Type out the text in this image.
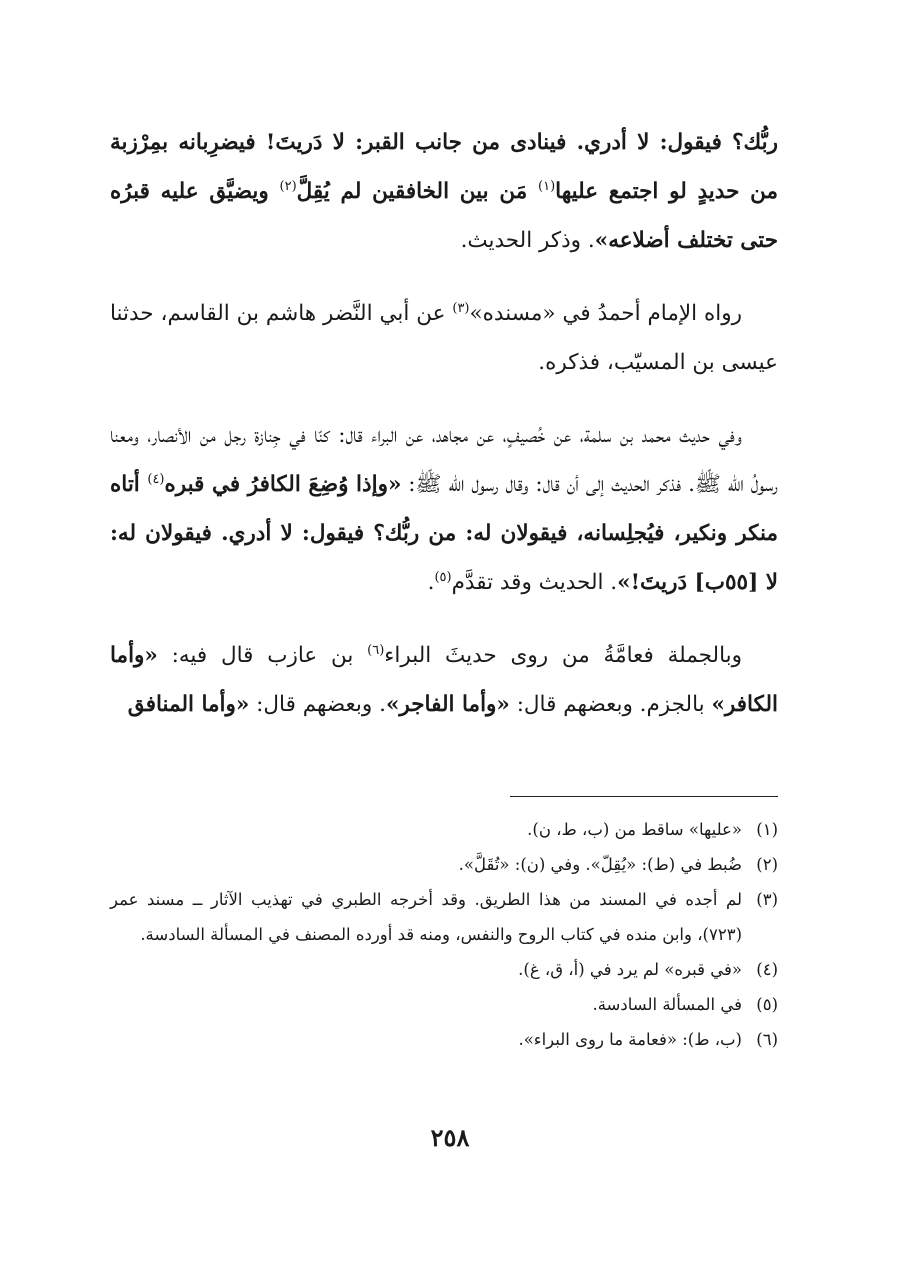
ربُّك؟ فيقول: لا أدري. فينادى من جانب القبر: لا دَريتَ! فيضرِبانه بمِرْزبة من حديدٍ لو اجتمع عليها$^{(١)}$ مَن بين الخافقين لم يُقِلَّ$^{(٢)}$ ويضيَّق عليه قبرُه حتى تختلف أضلاعه». وذكر الحديث.

رواه الإمام أحمدُ في «مسنده»$^{(٣)}$ عن أبي النَّضر هاشم بن القاسم، حدثنا عيسى بن المسيّب، فذكره.

وفي حديث محمد بن سلمة، عن خُصيفٍ، عن مجاهد، عن البراء قال: كنّا في جِنازة رجل من الأنصار، ومعنا رسولُ الله ﷺ. فذكر الحديث إلى أن قال: وقال رسول الله ﷺ: «وإذا وُضِعَ الكافرُ في قبره$^{(٤)}$ أتاه منكر ونكير، فيُجلِسانه، فيقولان له: من ربُّك؟ فيقول: لا أدري. فيقولان له: لا [٥٥ب] دَريتَ!». الحديث وقد تقدَّم$^{(٥)}$.

وبالجملة فعامَّةُ من روى حديثَ البراء$^{(٦)}$ بن عازب قال فيه: «وأما الكافر» بالجزم. وبعضهم قال: «وأما الفاجر». وبعضهم قال: «وأما المنافق

(١)
«عليها» ساقط من (ب، ط، ن).
(٢)
ضُبط في (ط): «يُقِلّ». وفي (ن): «تُقَلَّ».
(٣)
لم أجده في المسند من هذا الطريق. وقد أخرجه الطبري في تهذيب الآثار ــ مسند عمر (٧٢٣)، وابن منده في كتاب الروح والنفس، ومنه قد أورده المصنف في المسألة السادسة.
(٤)
«في قبره» لم يرد في (أ، ق، غ).
(٥)
في المسألة السادسة.
(٦)
(ب، ط): «فعامة ما روى البراء».
٢٥٨
